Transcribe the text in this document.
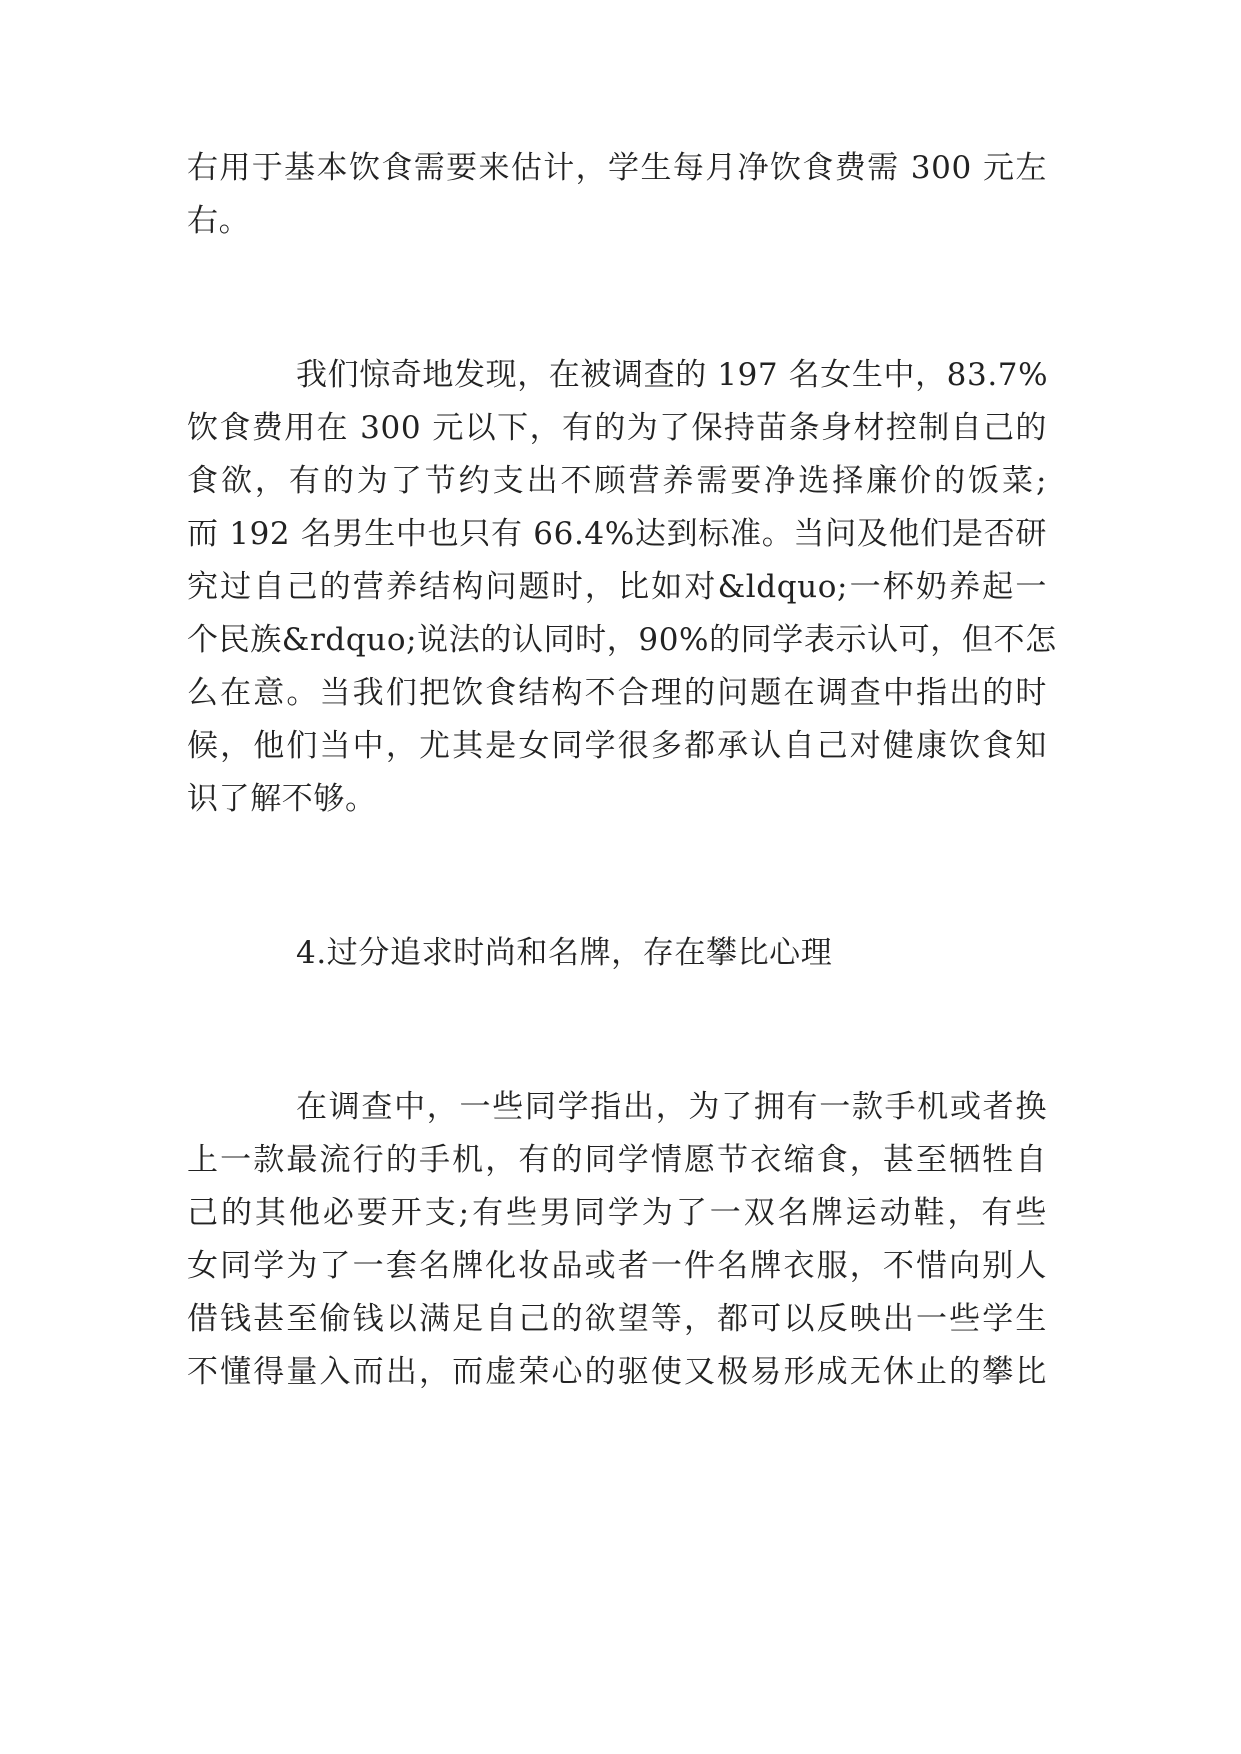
右用于基本饮食需要来估计，学生每月净饮食费需 300 元左
右。
我们惊奇地发现，在被调查的 197 名女生中，83.7%
饮食费用在 300 元以下，有的为了保持苗条身材控制自己的
食欲，有的为了节约支出不顾营养需要净选择廉价的饭菜;
而 192 名男生中也只有 66.4%达到标准。当问及他们是否研
究过自己的营养结构问题时，比如对&ldquo;一杯奶养起一
个民族&rdquo;说法的认同时，90%的同学表示认可，但不怎
么在意。当我们把饮食结构不合理的问题在调查中指出的时
候，他们当中，尤其是女同学很多都承认自己对健康饮食知
识了解不够。
4.过分追求时尚和名牌，存在攀比心理
在调查中，一些同学指出，为了拥有一款手机或者换
上一款最流行的手机，有的同学情愿节衣缩食，甚至牺牲自
己的其他必要开支;有些男同学为了一双名牌运动鞋，有些
女同学为了一套名牌化妆品或者一件名牌衣服，不惜向别人
借钱甚至偷钱以满足自己的欲望等，都可以反映出一些学生
不懂得量入而出，而虚荣心的驱使又极易形成无休止的攀比
